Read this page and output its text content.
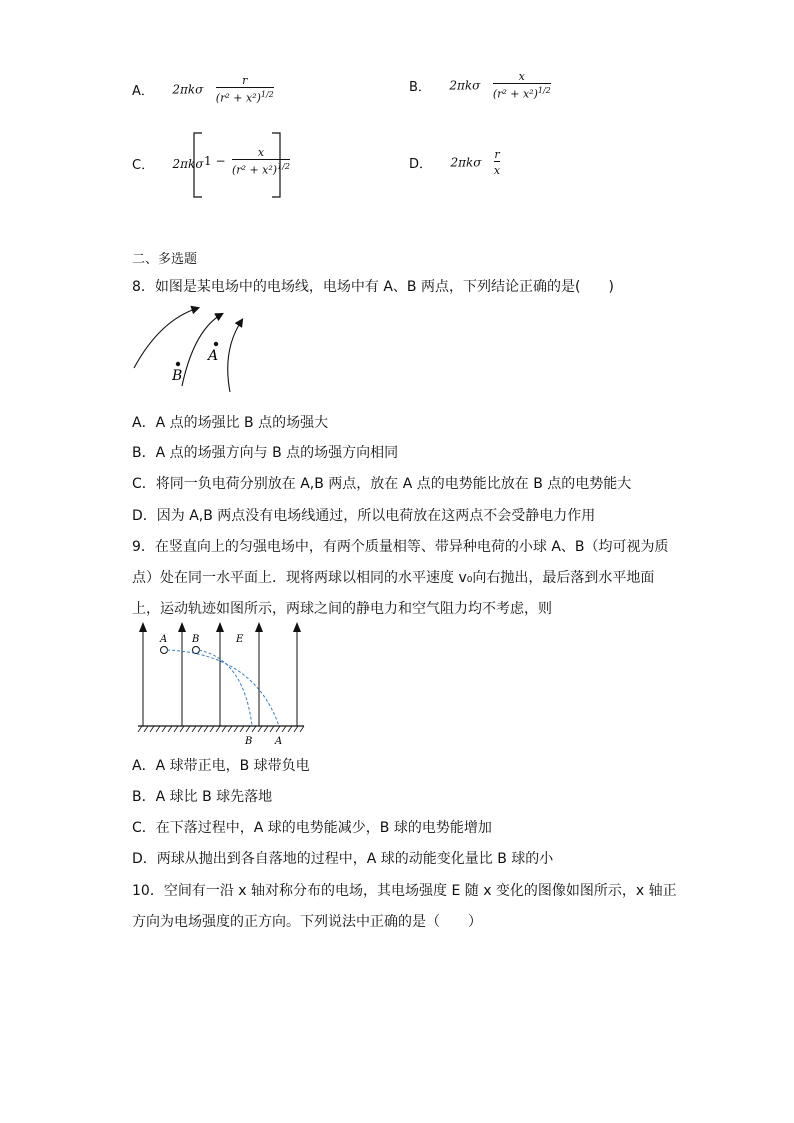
A． $2\pi k\sigma \frac{r}{(r^2 + x^2)^{1/2}}$	B． $2\pi k\sigma \frac{x}{(r^2 + x^2)^{1/2}}$
C． 2πkσ $1 - \frac{x}{(r^2 + x^2)^{1/2}}$	D． $2\pi k\sigma \frac{r}{x}$
二、多选题
8．如图是某电场中的电场线，电场中有 A、B 两点，下列结论正确的是(　　)
B
A
A．A 点的场强比 B 点的场强大
B．A 点的场强方向与 B 点的场强方向相同
C．将同一负电荷分别放在 A,B 两点，放在 A 点的电势能比放在 B 点的电势能大
D．因为 A,B 两点没有电场线通过，所以电荷放在这两点不会受静电力作用
9．在竖直向上的匀强电场中，有两个质量相等、带异种电荷的小球 A、B（均可视为质
点）处在同一水平面上．现将两球以相同的水平速度 v₀向右抛出，最后落到水平地面
上，运动轨迹如图所示，两球之间的静电力和空气阻力均不考虑，则
A B	E
B A
A．A 球带正电，B 球带负电
B．A 球比 B 球先落地
C．在下落过程中，A 球的电势能减少，B 球的电势能增加
D．两球从抛出到各自落地的过程中，A 球的动能变化量比 B 球的小
10．空间有一沿 x 轴对称分布的电场，其电场强度 E 随 x 变化的图像如图所示，x 轴正
方向为电场强度的正方向。下列说法中正确的是（　　）
